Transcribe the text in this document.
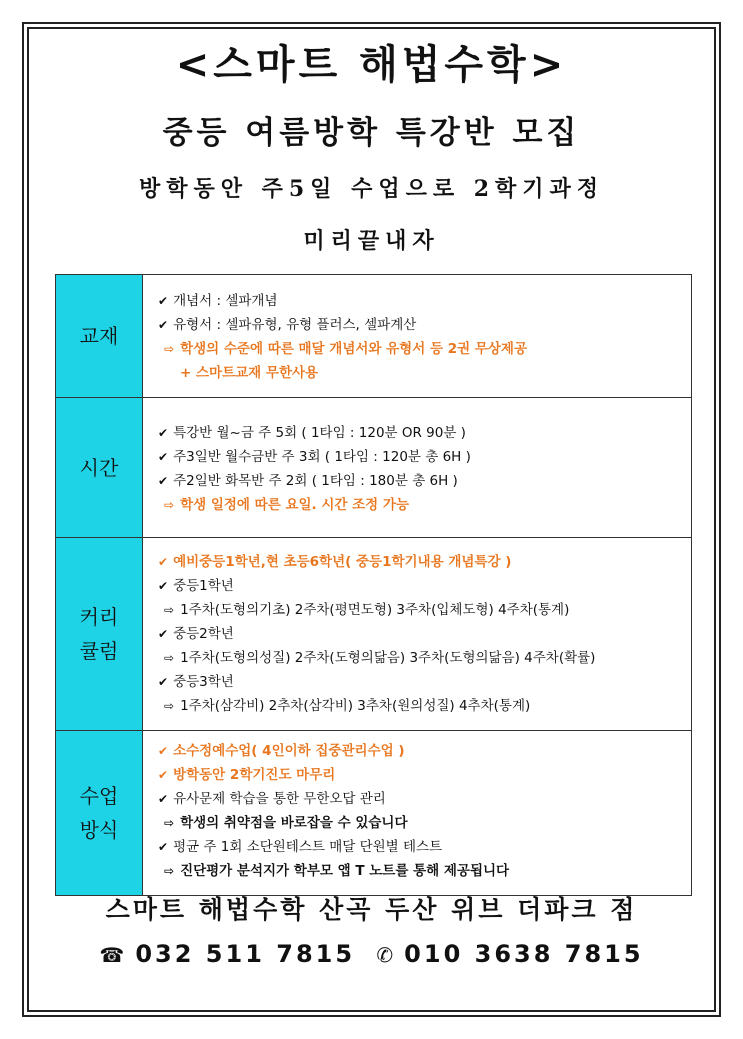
<스마트 해법수학>
중등 여름방학 특강반 모집
방학동안 주5일 수업으로 2학기과정
미리끝내자
교재
✔ 개념서 : 셀파개념
✔ 유형서 : 셀파유형, 유형 플러스, 셀파계산
⇨ 학생의 수준에 따른 매달 개념서와 유형서 등 2권 무상제공
+ 스마트교재 무한사용
시간
✔ 특강반 월~금 주 5회 ( 1타임 : 120분 OR 90분 )
✔ 주3일반 월수금반 주 3회 ( 1타임 : 120분 총 6H )
✔ 주2일반 화목반 주 2회 ( 1타임 : 180분 총 6H )
⇨ 학생 일정에 따른 요일. 시간 조정 가능
커리
큘럼
✔ 예비중등1학년,현 초등6학년( 중등1학기내용 개념특강 )
✔ 중등1학년
⇨ 1주차(도형의기초) 2주차(평면도형) 3주차(입체도형) 4주차(통계)
✔ 중등2학년
⇨ 1주차(도형의성질) 2주차(도형의닮음) 3주차(도형의닮음) 4주차(확률)
✔ 중등3학년
⇨ 1주차(삼각비) 2추차(삼각비) 3추차(원의성질) 4추차(통계)
수업
방식
✔ 소수정예수업( 4인이하 집중관리수업 )
✔ 방학동안 2학기진도 마무리
✔ 유사문제 학습을 통한 무한오답 관리
⇨ 학생의 취약점을 바로잡을 수 있습니다
✔ 평균 주 1회 소단원테스트 매달 단원별 테스트
⇨ 진단평가 분석지가 학부모 앱 T 노트를 통해 제공됩니다
스마트 해법수학 산곡 두산 위브 더파크 점
☎ 032 511 7815 ✆ 010 3638 7815
